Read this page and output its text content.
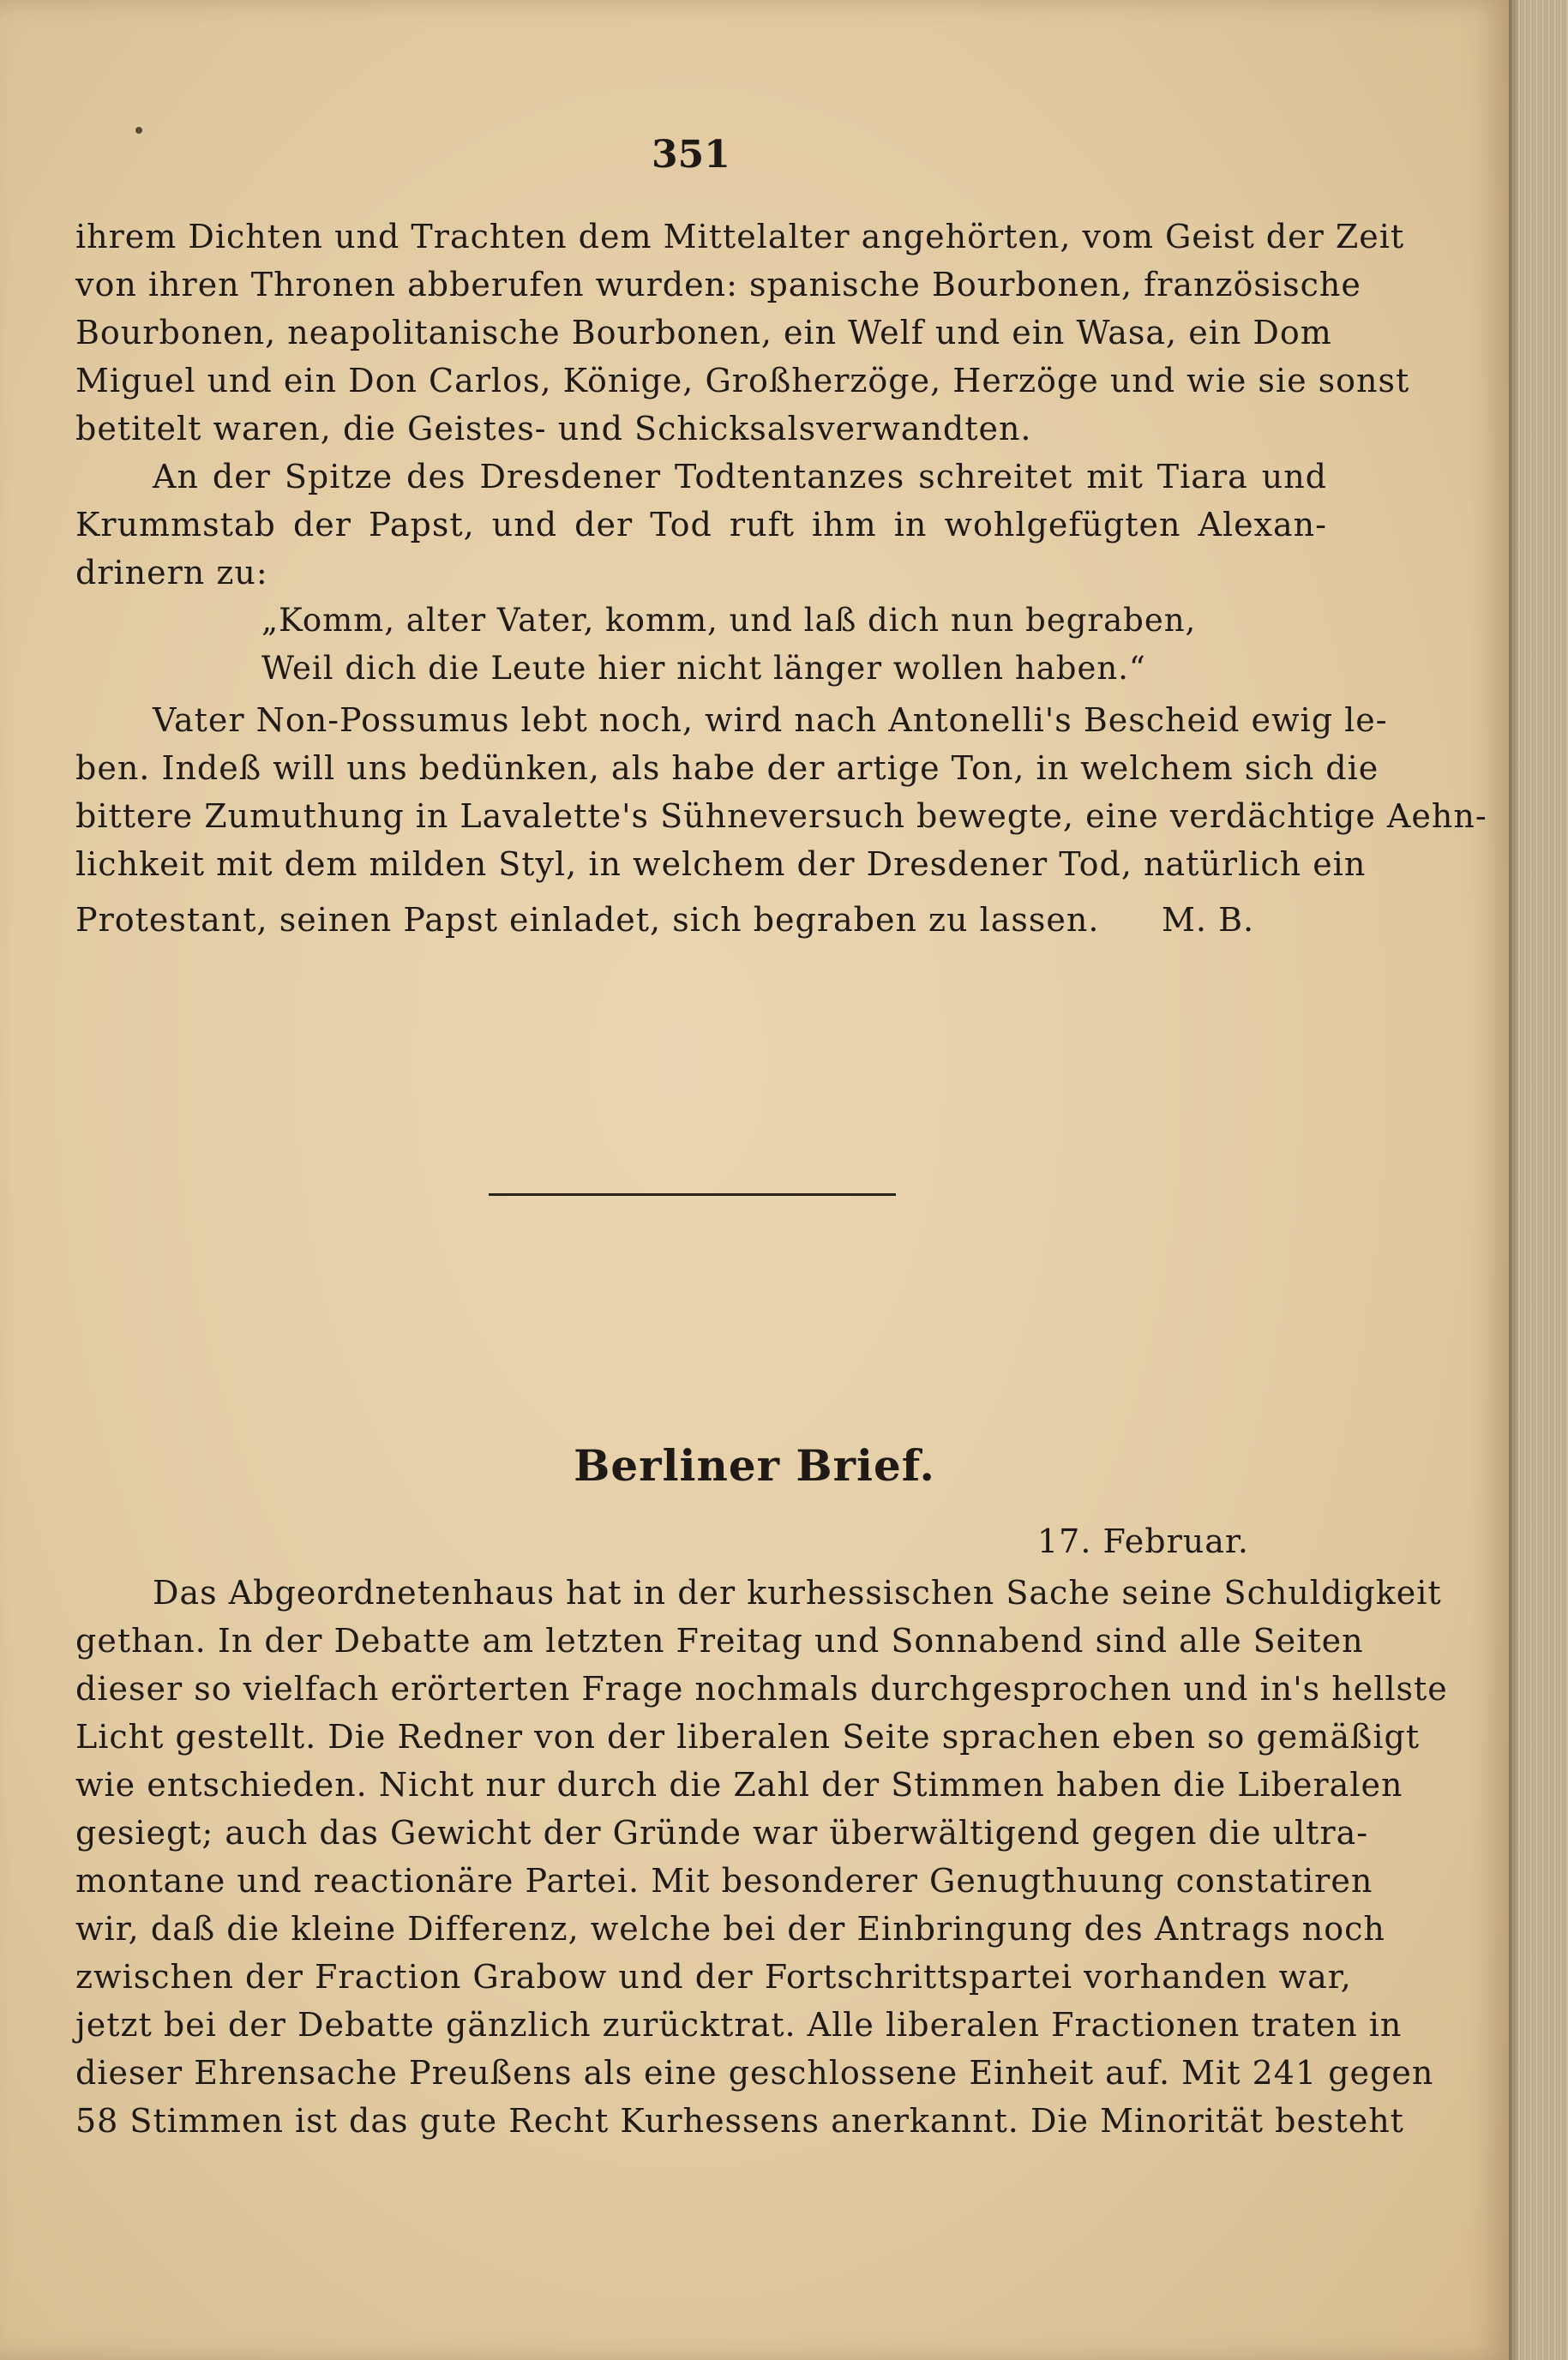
351
ihrem Dichten und Trachten dem Mittelalter angehörten, vom Geist der Zeit
von ihren Thronen abberufen wurden: spanische Bourbonen, französische
Bourbonen, neapolitanische Bourbonen, ein Welf und ein Wasa, ein Dom
Miguel und ein Don Carlos, Könige, Großherzöge, Herzöge und wie sie sonst
betitelt waren, die Geistes- und Schicksalsverwandten.
An der Spitze des Dresdener Todtentanzes schreitet mit Tiara und
Krummstab der Papst, und der Tod ruft ihm in wohlgefügten Alexan-
drinern zu:
„Komm, alter Vater, komm, und laß dich nun begraben,
Weil dich die Leute hier nicht länger wollen haben.“
Vater Non-Possumus lebt noch, wird nach Antonelli's Bescheid ewig le-
ben. Indeß will uns bedünken, als habe der artige Ton, in welchem sich die
bittere Zumuthung in Lavalette's Sühneversuch bewegte, eine verdächtige Aehn-
lichkeit mit dem milden Styl, in welchem der Dresdener Tod, natürlich ein
Protestant, seinen Papst einladet, sich begraben zu lassen. M. B.
Berliner Brief.
17. Februar.
Das Abgeordnetenhaus hat in der kurhessischen Sache seine Schuldigkeit
gethan. In der Debatte am letzten Freitag und Sonnabend sind alle Seiten
dieser so vielfach erörterten Frage nochmals durchgesprochen und in's hellste
Licht gestellt. Die Redner von der liberalen Seite sprachen eben so gemäßigt
wie entschieden. Nicht nur durch die Zahl der Stimmen haben die Liberalen
gesiegt; auch das Gewicht der Gründe war überwältigend gegen die ultra-
montane und reactionäre Partei. Mit besonderer Genugthuung constatiren
wir, daß die kleine Differenz, welche bei der Einbringung des Antrags noch
zwischen der Fraction Grabow und der Fortschrittspartei vorhanden war,
jetzt bei der Debatte gänzlich zurücktrat. Alle liberalen Fractionen traten in
dieser Ehrensache Preußens als eine geschlossene Einheit auf. Mit 241 gegen
58 Stimmen ist das gute Recht Kurhessens anerkannt. Die Minorität besteht
